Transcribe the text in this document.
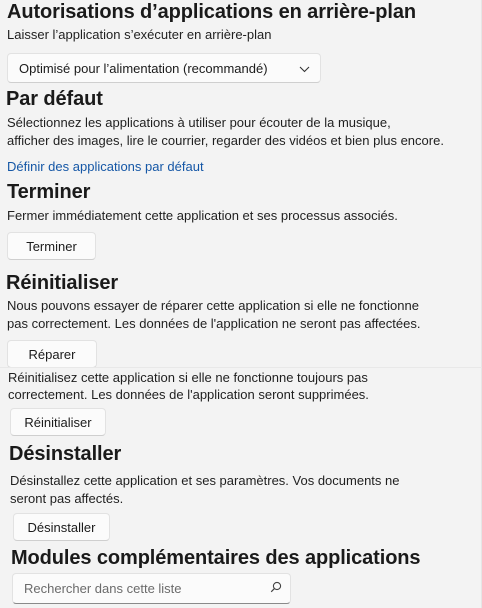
Autorisations d’applications en arrière-plan
Laisser l’application s’exécuter en arrière-plan
Optimisé pour l’alimentation (recommandé)
Par défaut
Sélectionnez les applications à utiliser pour écouter de la musique,
afficher des images, lire le courrier, regarder des vidéos et bien plus encore.
Définir des applications par défaut
Terminer
Fermer immédiatement cette application et ses processus associés.
Terminer
Réinitialiser
Nous pouvons essayer de réparer cette application si elle ne fonctionne
pas correctement. Les données de l'application ne seront pas affectées.
Réparer
Réinitialisez cette application si elle ne fonctionne toujours pas
correctement. Les données de l'application seront supprimées.
Réinitialiser
Désinstaller
Désinstallez cette application et ses paramètres. Vos documents ne
seront pas affectés.
Désinstaller
Modules complémentaires des applications
Rechercher dans cette liste
